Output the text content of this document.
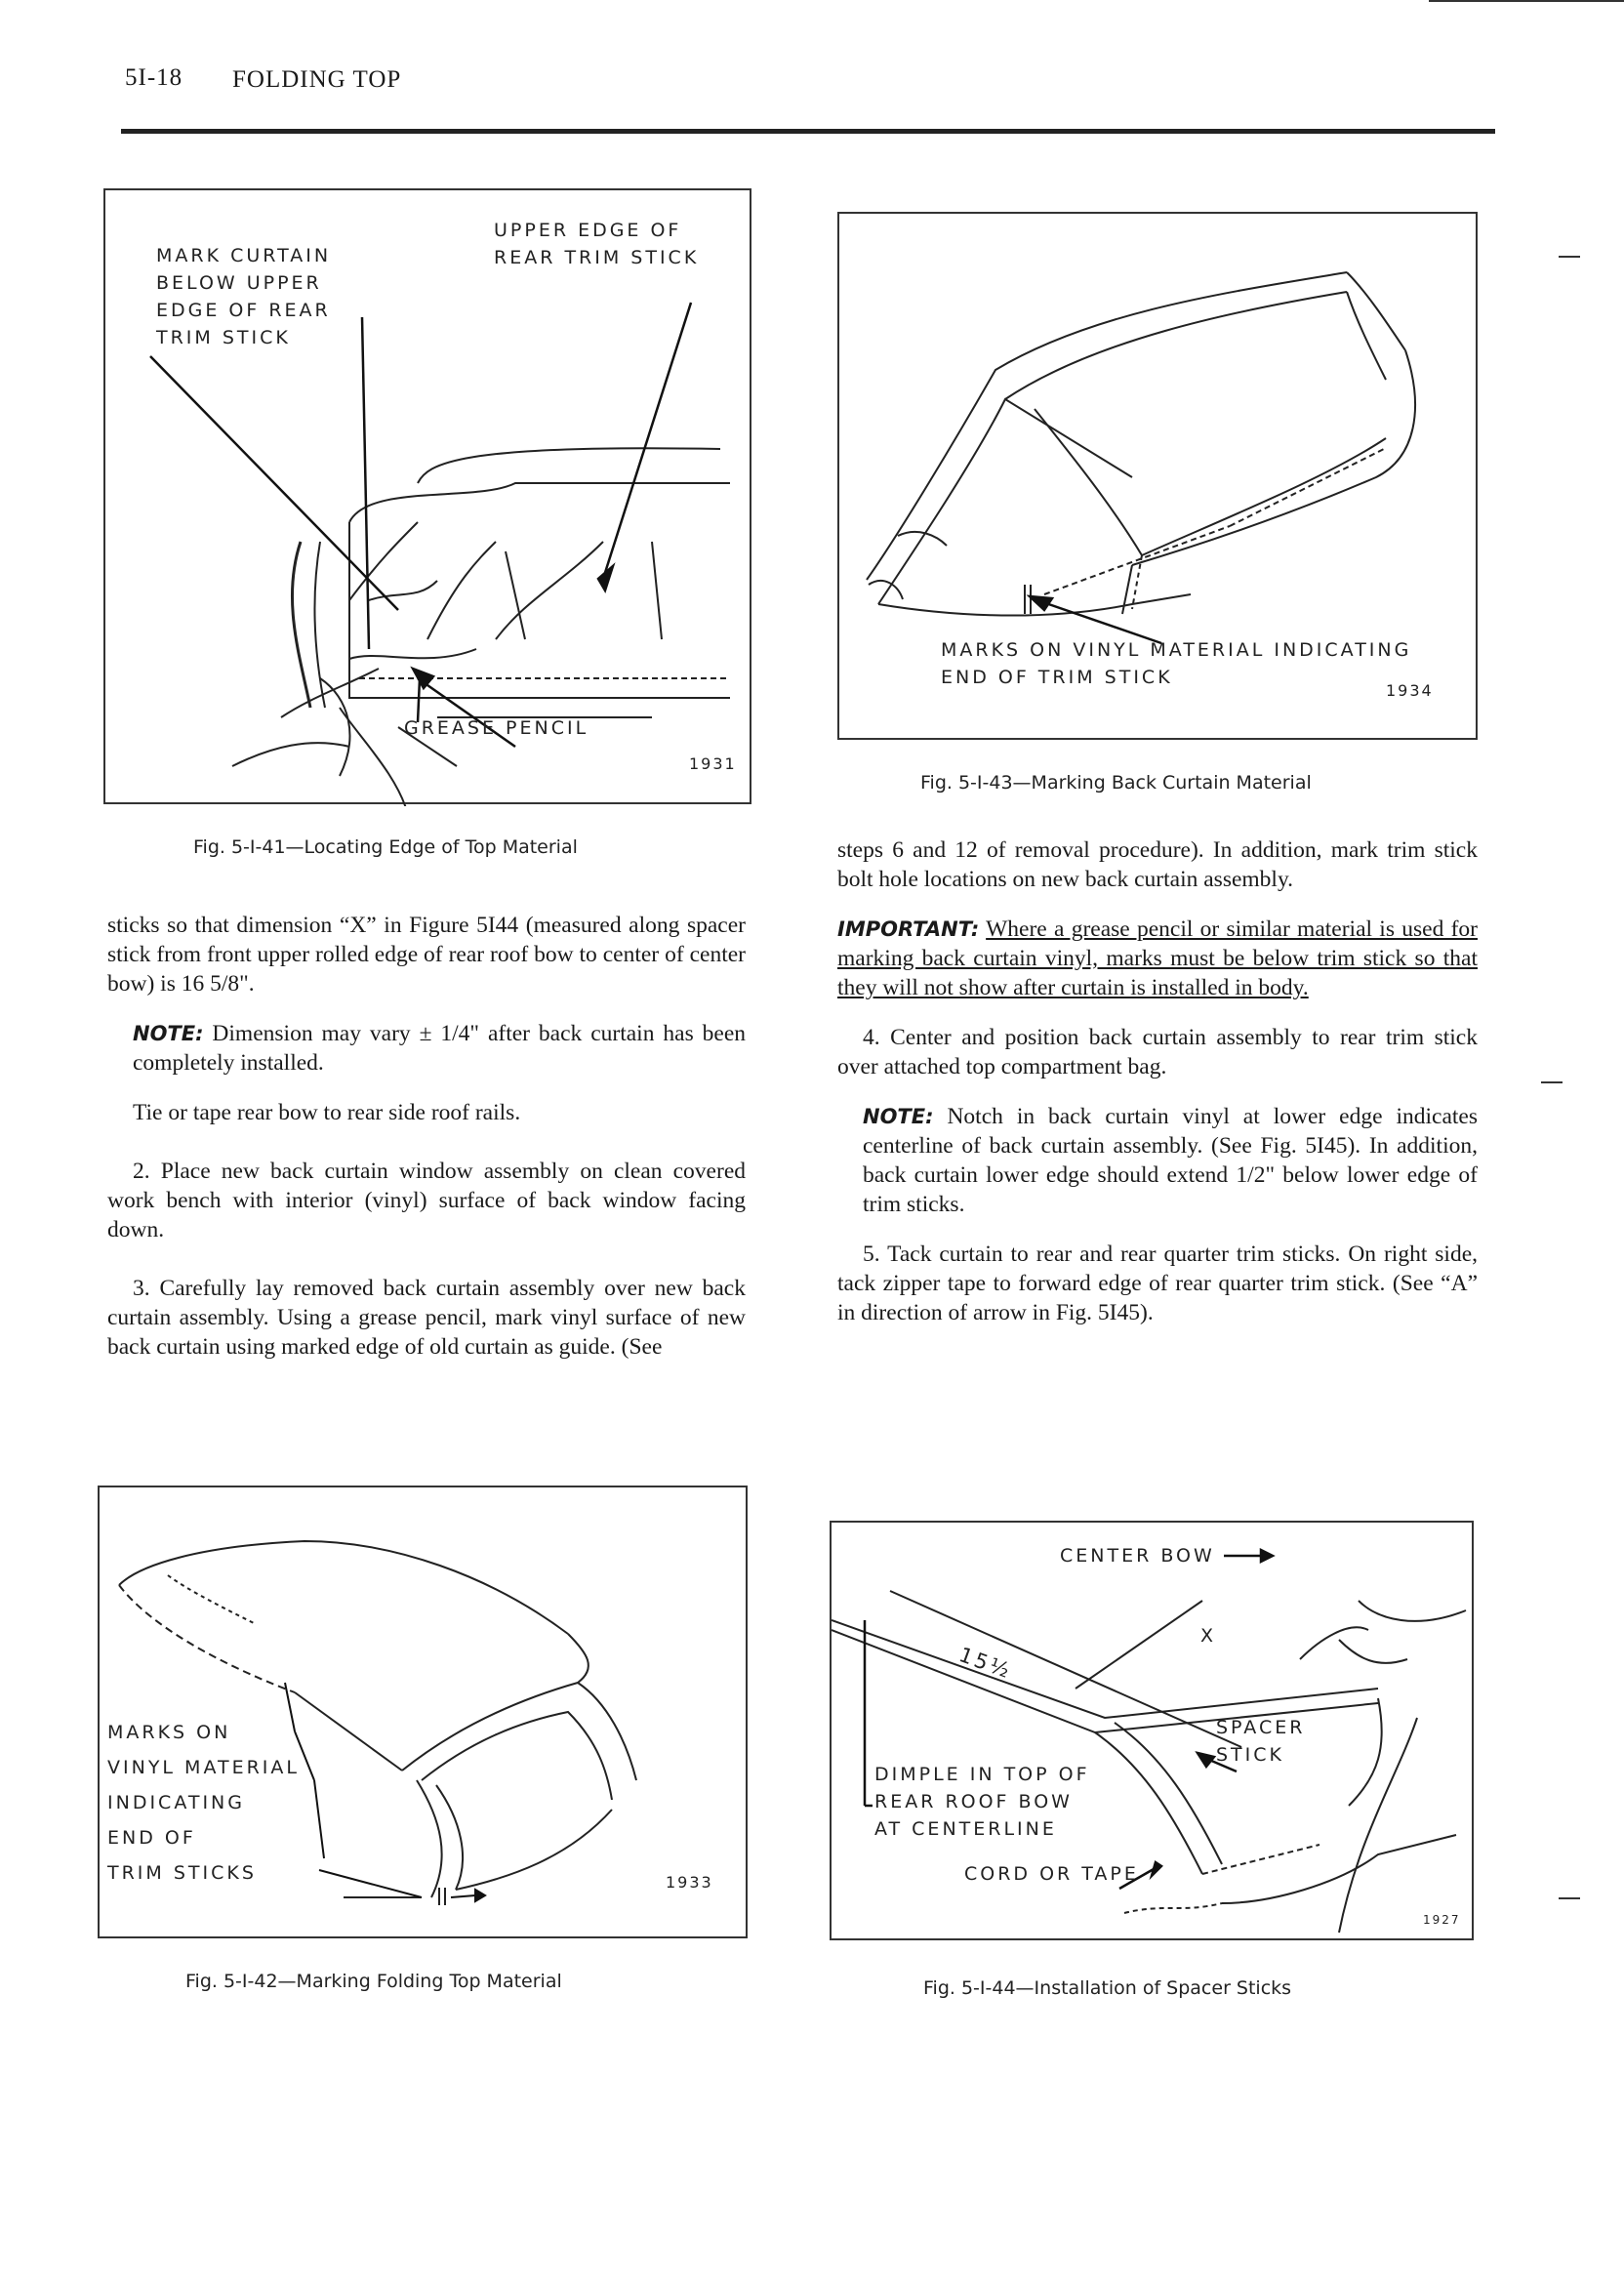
5I-18 FOLDING TOP
MARK CURTAIN
BELOW UPPER
EDGE OF REAR
TRIM STICK
UPPER EDGE OF
REAR TRIM STICK
GREASE PENCIL
1931
Fig. 5-I-41—Locating Edge of Top Material
MARKS ON VINYL MATERIAL INDICATING
END OF TRIM STICK
1934
Fig. 5-I-43—Marking Back Curtain Material

sticks so that dimension “X” in Figure 5I44 (measured along spacer stick from front upper rolled edge of rear roof bow to center of center bow) is 16 5/8".

NOTE: Dimension may vary ± 1/4" after back curtain has been completely installed.

Tie or tape rear bow to rear side roof rails.

2. Place new back curtain window assembly on clean covered work bench with interior (vinyl) surface of back window facing down.

3. Carefully lay removed back curtain assembly over new back curtain assembly. Using a grease pencil, mark vinyl surface of new back curtain using marked edge of old curtain as guide. (See

steps 6 and 12 of removal procedure). In addition, mark trim stick bolt hole locations on new back curtain assembly.

IMPORTANT: Where a grease pencil or similar material is used for marking back curtain vinyl, marks must be below trim stick so that they will not show after curtain is installed in body.

4. Center and position back curtain assembly to rear trim stick over attached top compartment bag.

NOTE: Notch in back curtain vinyl at lower edge indicates centerline of back curtain assembly. (See Fig. 5I45). In addition, back curtain lower edge should extend 1/2" below lower edge of trim sticks.

5. Tack curtain to rear and rear quarter trim sticks. On right side, tack zipper tape to forward edge of rear quarter trim stick. (See “A” in direction of arrow in Fig. 5I45).

MARKS ON
VINYL MATERIAL
INDICATING
END OF
TRIM STICKS	1933
Fig. 5-I-42—Marking Folding Top Material
CENTER BOW
X
15½
SPACER
STICK
DIMPLE IN TOP OF
REAR ROOF BOW
AT CENTERLINE
CORD OR TAPE
1927
Fig. 5-I-44—Installation of Spacer Sticks
